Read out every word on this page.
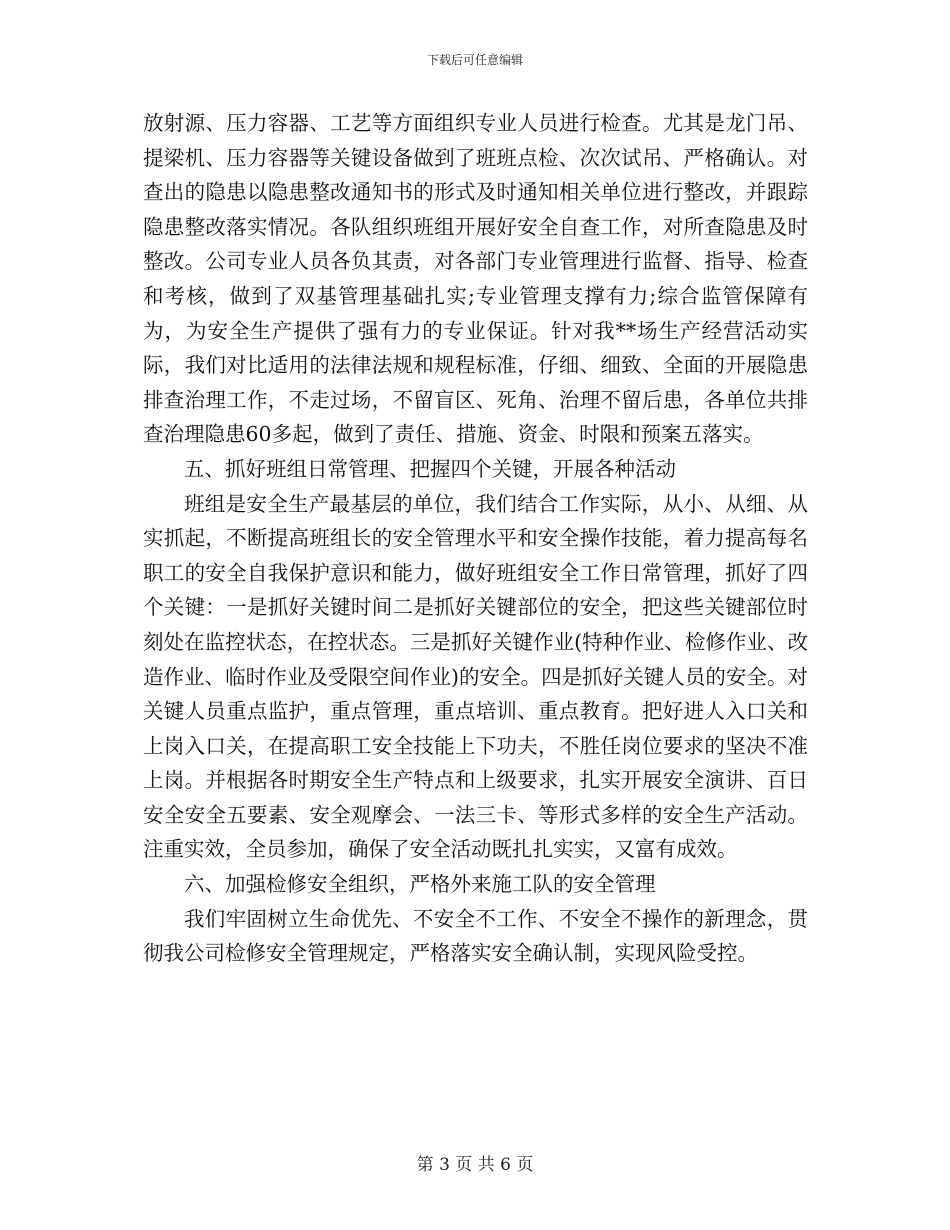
下载后可任意编辑

放射源、压力容器、工艺等方面组织专业人员进行检查。尤其是龙门吊、提梁机、压力容器等关键设备做到了班班点检、次次试吊、严格确认。对查出的隐患以隐患整改通知书的形式及时通知相关单位进行整改，并跟踪隐患整改落实情况。各队组织班组开展好安全自查工作，对所查隐患及时整改。公司专业人员各负其责，对各部门专业管理进行监督、指导、检查和考核，做到了双基管理基础扎实;专业管理支撑有力;综合监管保障有为，为安全生产提供了强有力的专业保证。针对我**场生产经营活动实际，我们对比适用的法律法规和规程标准，仔细、细致、全面的开展隐患排查治理工作，不走过场，不留盲区、死角、治理不留后患，各单位共排查治理隐患60多起，做到了责任、措施、资金、时限和预案五落实。

五、抓好班组日常管理、把握四个关键，开展各种活动

班组是安全生产最基层的单位，我们结合工作实际，从小、从细、从实抓起，不断提高班组长的安全管理水平和安全操作技能，着力提高每名职工的安全自我保护意识和能力，做好班组安全工作日常管理，抓好了四个关键：一是抓好关键时间二是抓好关键部位的安全，把这些关键部位时刻处在监控状态，在控状态。三是抓好关键作业(特种作业、检修作业、改造作业、临时作业及受限空间作业)的安全。四是抓好关键人员的安全。对关键人员重点监护，重点管理，重点培训、重点教育。把好进人入口关和上岗入口关，在提高职工安全技能上下功夫，不胜任岗位要求的坚决不准上岗。并根据各时期安全生产特点和上级要求，扎实开展安全演讲、百日安全安全五要素、安全观摩会、一法三卡、等形式多样的安全生产活动。注重实效，全员参加，确保了安全活动既扎扎实实，又富有成效。

六、加强检修安全组织，严格外来施工队的安全管理

我们牢固树立生命优先、不安全不工作、不安全不操作的新理念，贯彻我公司检修安全管理规定，严格落实安全确认制，实现风险受控。

第 3 页 共 6 页
